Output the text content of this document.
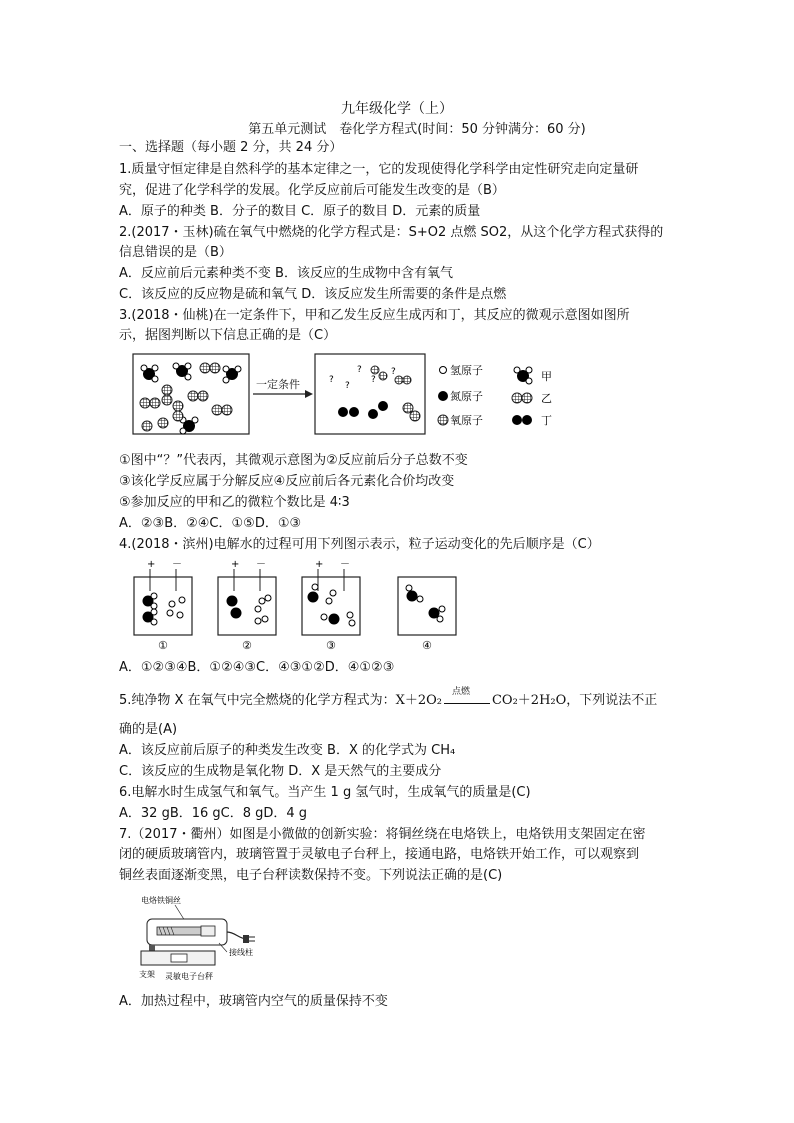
九年级化学（上）
第五单元测试　卷化学方程式(时间：50 分钟满分：60 分)
一、选择题（每小题 2 分，共 24 分）
1.质量守恒定律是自然科学的基本定律之一，它的发现使得化学科学由定性研究走向定量研
究，促进了化学科学的发展。化学反应前后可能发生改变的是（B）
A．原子的种类 B．分子的数目 C．原子的数目 D．元素的质量
2.(2017・玉林)硫在氧气中燃烧的化学方程式是：S+O2 点燃 SO2，从这个化学方程式获得的
信息错误的是（B）
A．反应前后元素种类不变 B．该反应的生成物中含有氧气
C．该反应的反应物是硫和氧气 D．该反应发生所需要的条件是点燃
3.(2018・仙桃)在一定条件下，甲和乙发生反应生成丙和丁，其反应的微观示意图如图所
示，据图判断以下信息正确的是（C）
一定条件	?
?
?
?
?	氢原子
氮原子
氧原子
甲
乙
丁
①图中“？”代表丙，其微观示意图为②反应前后分子总数不变
③该化学反应属于分解反应④反应前后各元素化合价均改变
⑤参加反应的甲和乙的微粒个数比是 4∶3
A．②③B．②④C．①⑤D．①③
4.(2018・滨州)电解水的过程可用下列图示表示，粒子运动变化的先后顺序是（C）
+ －
①
+ －
②
+ －
③	④
A．①②③④B．①②④③C．④③①②D．④①②③
5.纯净物 X 在氧气中完全燃烧的化学方程式为：X＋2O₂
点燃
CO₂＋2H₂O，下列说法不正
确的是(A)
A．该反应前后原子的种类发生改变 B．X 的化学式为 CH₄
C．该反应的生成物是氧化物 D．X 是天然气的主要成分
6.电解水时生成氢气和氧气。当产生 1 g 氢气时，生成氧气的质量是(C)
A．32 gB．16 gC．8 gD．4 g
7.（2017・衢州）如图是小微做的创新实验：将铜丝绕在电烙铁上，电烙铁用支架固定在密
闭的硬质玻璃管内，玻璃管置于灵敏电子台秤上，接通电路，电烙铁开始工作，可以观察到
铜丝表面逐渐变黑，电子台秤读数保持不变。下列说法正确的是(C)
电烙铁铜丝
接线柱
支架 灵敏电子台秤
A．加热过程中，玻璃管内空气的质量保持不变
